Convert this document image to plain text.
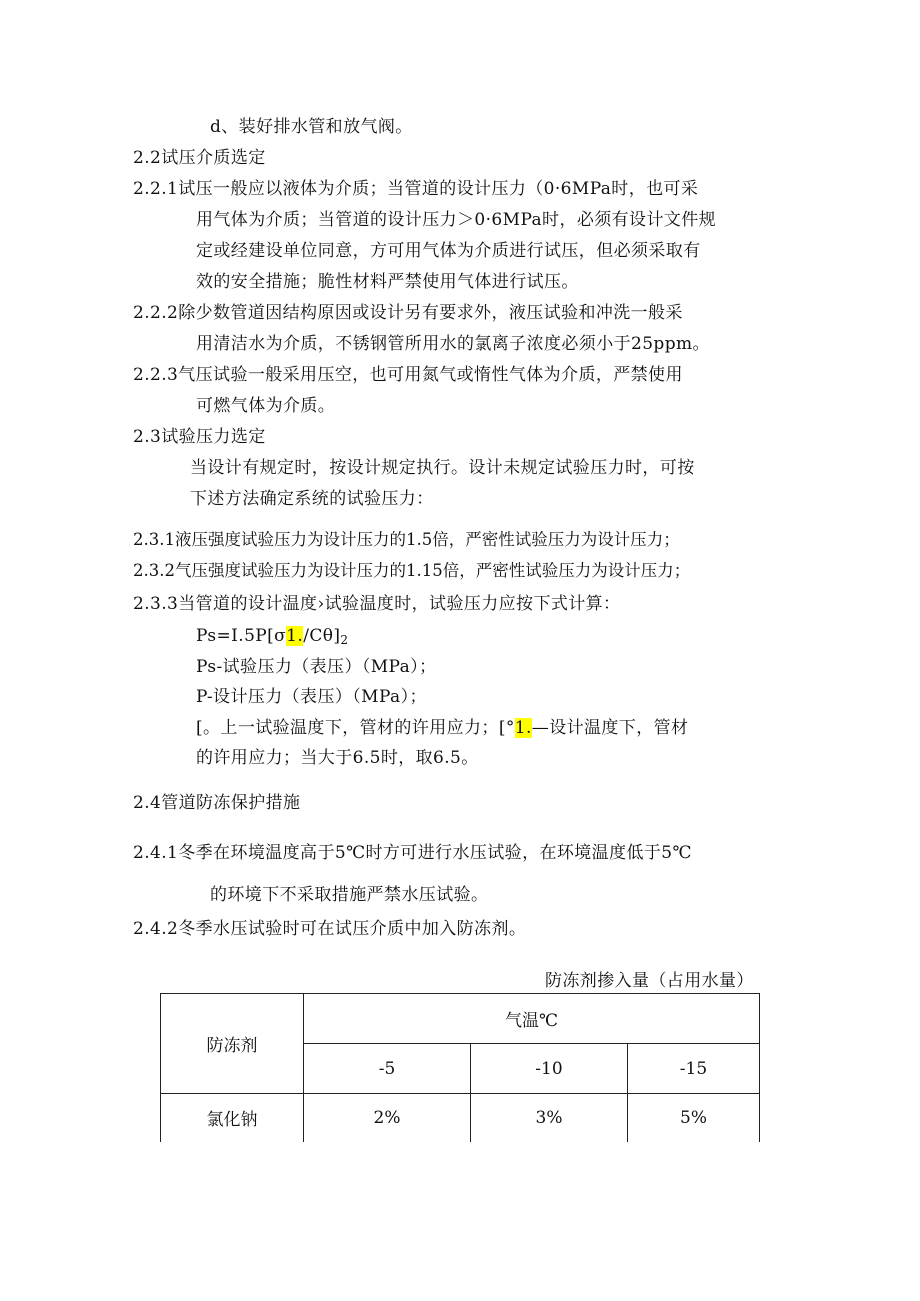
d、装好排水管和放气阀。
2.2试压介质选定
2.2.1试压一般应以液体为介质；当管道的设计压力（0·6MPa时，也可采
用气体为介质；当管道的设计压力＞0·6MPa时，必须有设计文件规
定或经建设单位同意，方可用气体为介质进行试压，但必须采取有
效的安全措施；脆性材料严禁使用气体进行试压。
2.2.2除少数管道因结构原因或设计另有要求外，液压试验和冲洗一般采
用清洁水为介质，不锈钢管所用水的氯离子浓度必须小于25ppm。
2.2.3气压试验一般采用压空，也可用氮气或惰性气体为介质，严禁使用
可燃气体为介质。
2.3试验压力选定
当设计有规定时，按设计规定执行。设计未规定试验压力时，可按
下述方法确定系统的试验压力：
2.3.1液压强度试验压力为设计压力的1.5倍，严密性试验压力为设计压力；
2.3.2气压强度试验压力为设计压力的1.15倍，严密性试验压力为设计压力；
2.3.3当管道的设计温度›试验温度时，试验压力应按下式计算：
$Ps=I.5P[\sigma 1./C\theta]_2$
Ps-试验压力（表压）（MPa）；
P-设计压力（表压）（MPa）；
[。上一试验温度下，管材的许用应力；[°1.—设计温度下，管材
的许用应力；当大于6.5时，取6.5。
2.4管道防冻保护措施
2.4.1冬季在环境温度高于5℃时方可进行水压试验，在环境温度低于5℃
的环境下不采取措施严禁水压试验。
2.4.2冬季水压试验时可在试压介质中加入防冻剂。
防冻剂掺入量（占用水量）
防冻剂	气温℃		
	-5	-10	-15
氯化钠	2%	3%	5%
